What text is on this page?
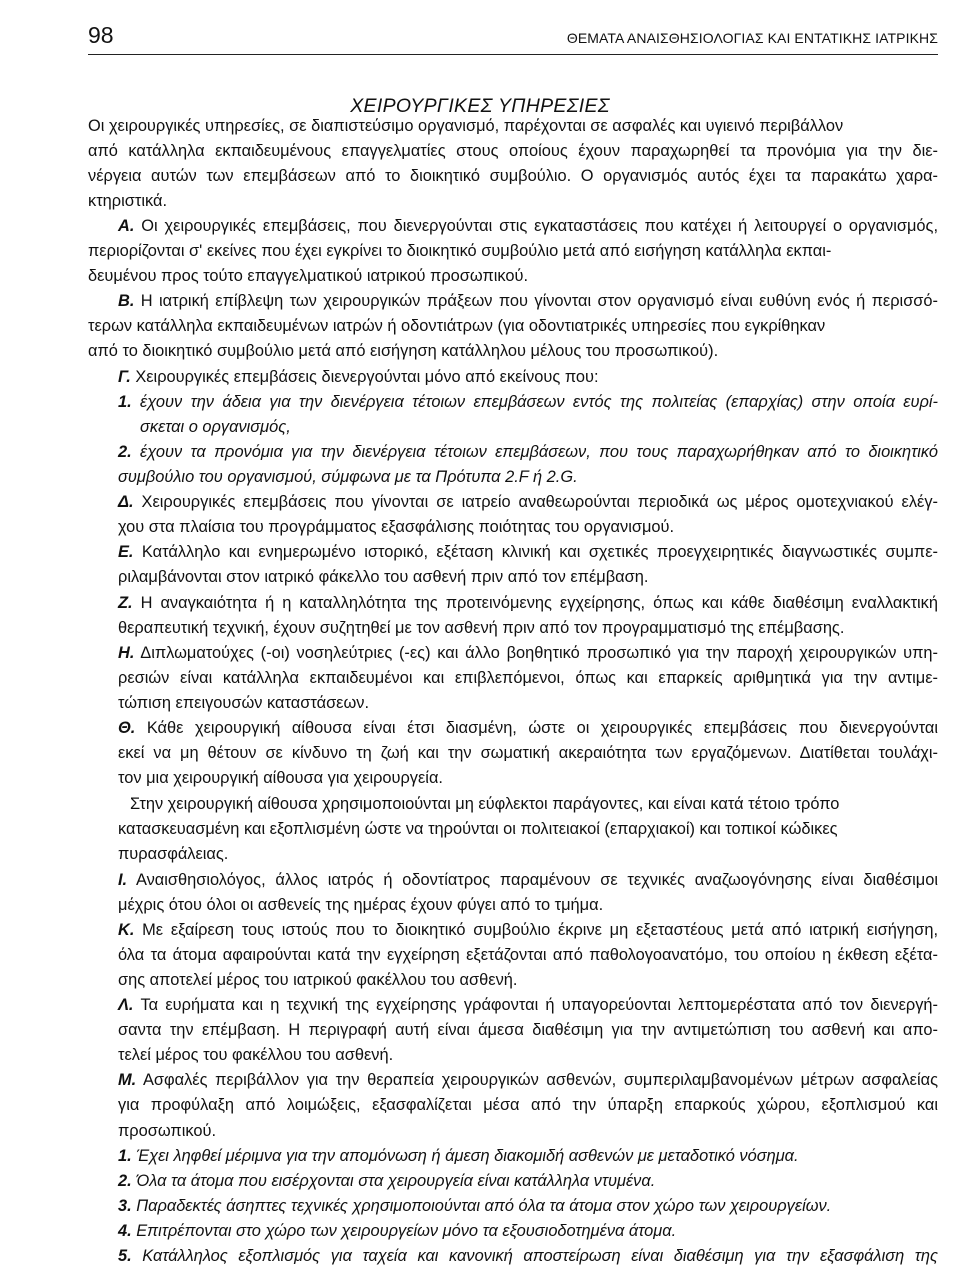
98	ΘΕΜΑΤΑ ΑΝΑΙΣΘΗΣΙΟΛΟΓΙΑΣ ΚΑΙ ΕΝΤΑΤΙΚΗΣ ΙΑΤΡΙΚΗΣ
ΧΕΙΡΟΥΡΓΙΚΕΣ ΥΠΗΡΕΣΙΕΣ
Οι χειρουργικές υπηρεσίες, σε διαπιστεύσιμο οργανισμό, παρέχονται σε ασφαλές και υγιεινό περιβάλλον
από κατάλληλα εκπαιδευμένους επαγγελματίες στους οποίους έχουν παραχωρηθεί τα προνόμια για την διε-
νέργεια αυτών των επεμβάσεων από το διοικητικό συμβούλιο. Ο οργανισμός αυτός έχει τα παρακάτω χαρα-
κτηριστικά.
Α. Οι χειρουργικές επεμβάσεις, που διενεργούνται στις εγκαταστάσεις που κατέχει ή λειτουργεί ο οργανισμός,
περιορίζονται σ' εκείνες που έχει εγκρίνει το διοικητικό συμβούλιο μετά από εισήγηση κατάλληλα εκπαι-
δευμένου προς τούτο επαγγελματικού ιατρικού προσωπικού.
Β. Η ιατρική επίβλεψη των χειρουργικών πράξεων που γίνονται στον οργανισμό είναι ευθύνη ενός ή περισσό-
τερων κατάλληλα εκπαιδευμένων ιατρών ή οδοντιάτρων (για οδοντιατρικές υπηρεσίες που εγκρίθηκαν
από το διοικητικό συμβούλιο μετά από εισήγηση κατάλληλου μέλους του προσωπικού).
Γ. Χειρουργικές επεμβάσεις διενεργούνται μόνο από εκείνους που:
1. έχουν την άδεια για την διενέργεια τέτοιων επεμβάσεων εντός της πολιτείας (επαρχίας) στην οποία ευρί-
σκεται ο οργανισμός,
2. έχουν τα προνόμια για την διενέργεια τέτοιων επεμβάσεων, που τους παραχωρήθηκαν από το διοικητικό
συμβούλιο του οργανισμού, σύμφωνα με τα Πρότυπα 2.F ή 2.G.
Δ. Χειρουργικές επεμβάσεις που γίνονται σε ιατρείο αναθεωρούνται περιοδικά ως μέρος ομοτεχνιακού ελέγ-
χου στα πλαίσια του προγράμματος εξασφάλισης ποιότητας του οργανισμού.
Ε. Κατάλληλο και ενημερωμένο ιστορικό, εξέταση κλινική και σχετικές προεγχειρητικές διαγνωστικές συμπε-
ριλαμβάνονται στον ιατρικό φάκελλο του ασθενή πριν από τον επέμβαση.
Ζ. Η αναγκαιότητα ή η καταλληλότητα της προτεινόμενης εγχείρησης, όπως και κάθε διαθέσιμη εναλλακτική
θεραπευτική τεχνική, έχουν συζητηθεί με τον ασθενή πριν από τον προγραμματισμό της επέμβασης.
Η. Διπλωματούχες (-οι) νοσηλεύτριες (-ες) και άλλο βοηθητικό προσωπικό για την παροχή χειρουργικών υπη-
ρεσιών είναι κατάλληλα εκπαιδευμένοι και επιβλεπόμενοι, όπως και επαρκείς αριθμητικά για την αντιμε-
τώπιση επειγουσών καταστάσεων.
Θ. Κάθε χειρουργική αίθουσα είναι έτσι διασμένη, ώστε οι χειρουργικές επεμβάσεις που διενεργούνται
εκεί να μη θέτουν σε κίνδυνο τη ζωή και την σωματική ακεραιότητα των εργαζόμενων. Διατίθεται τουλάχι-
τον μια χειρουργική αίθουσα για χειρουργεία.
Στην χειρουργική αίθουσα χρησιμοποιούνται μη εύφλεκτοι παράγοντες, και είναι κατά τέτοιο τρόπο
κατασκευασμένη και εξοπλισμένη ώστε να τηρούνται οι πολιτειακοί (επαρχιακοί) και τοπικοί κώδικες
πυρασφάλειας.
Ι. Αναισθησιολόγος, άλλος ιατρός ή οδοντίατρος παραμένουν σε τεχνικές αναζωογόνησης είναι διαθέσιμοι
μέχρις ότου όλοι οι ασθενείς της ημέρας έχουν φύγει από το τμήμα.
Κ. Με εξαίρεση τους ιστούς που το διοικητικό συμβούλιο έκρινε μη εξεταστέους μετά από ιατρική εισήγηση,
όλα τα άτομα αφαιρούνται κατά την εγχείρηση εξετάζονται από παθολογοανατόμο, του οποίου η έκθεση εξέτα-
σης αποτελεί μέρος του ιατρικού φακέλλου του ασθενή.
Λ. Τα ευρήματα και η τεχνική της εγχείρησης γράφονται ή υπαγορεύονται λεπτομερέστατα από τον διενεργή-
σαντα την επέμβαση. Η περιγραφή αυτή είναι άμεσα διαθέσιμη για την αντιμετώπιση του ασθενή και απο-
τελεί μέρος του φακέλλου του ασθενή.
Μ. Ασφαλές περιβάλλον για την θεραπεία χειρουργικών ασθενών, συμπεριλαμβανομένων μέτρων ασφαλείας
για προφύλαξη από λοιμώξεις, εξασφαλίζεται μέσα από την ύπαρξη επαρκούς χώρου, εξοπλισμού και
προσωπικού.
1. Έχει ληφθεί μέριμνα για την απομόνωση ή άμεση διακομιδή ασθενών με μεταδοτικό νόσημα.
2. Όλα τα άτομα που εισέρχονται στα χειρουργεία είναι κατάλληλα ντυμένα.
3. Παραδεκτές άσηπτες τεχνικές χρησιμοποιούνται από όλα τα άτομα στον χώρο των χειρουργείων.
4. Επιτρέπονται στο χώρο των χειρουργείων μόνο τα εξουσιοδοτημένα άτομα.
5. Κατάλληλος εξοπλισμός για ταχεία και κανονική αποστείρωση είναι διαθέσιμη για την εξασφάλιση της
